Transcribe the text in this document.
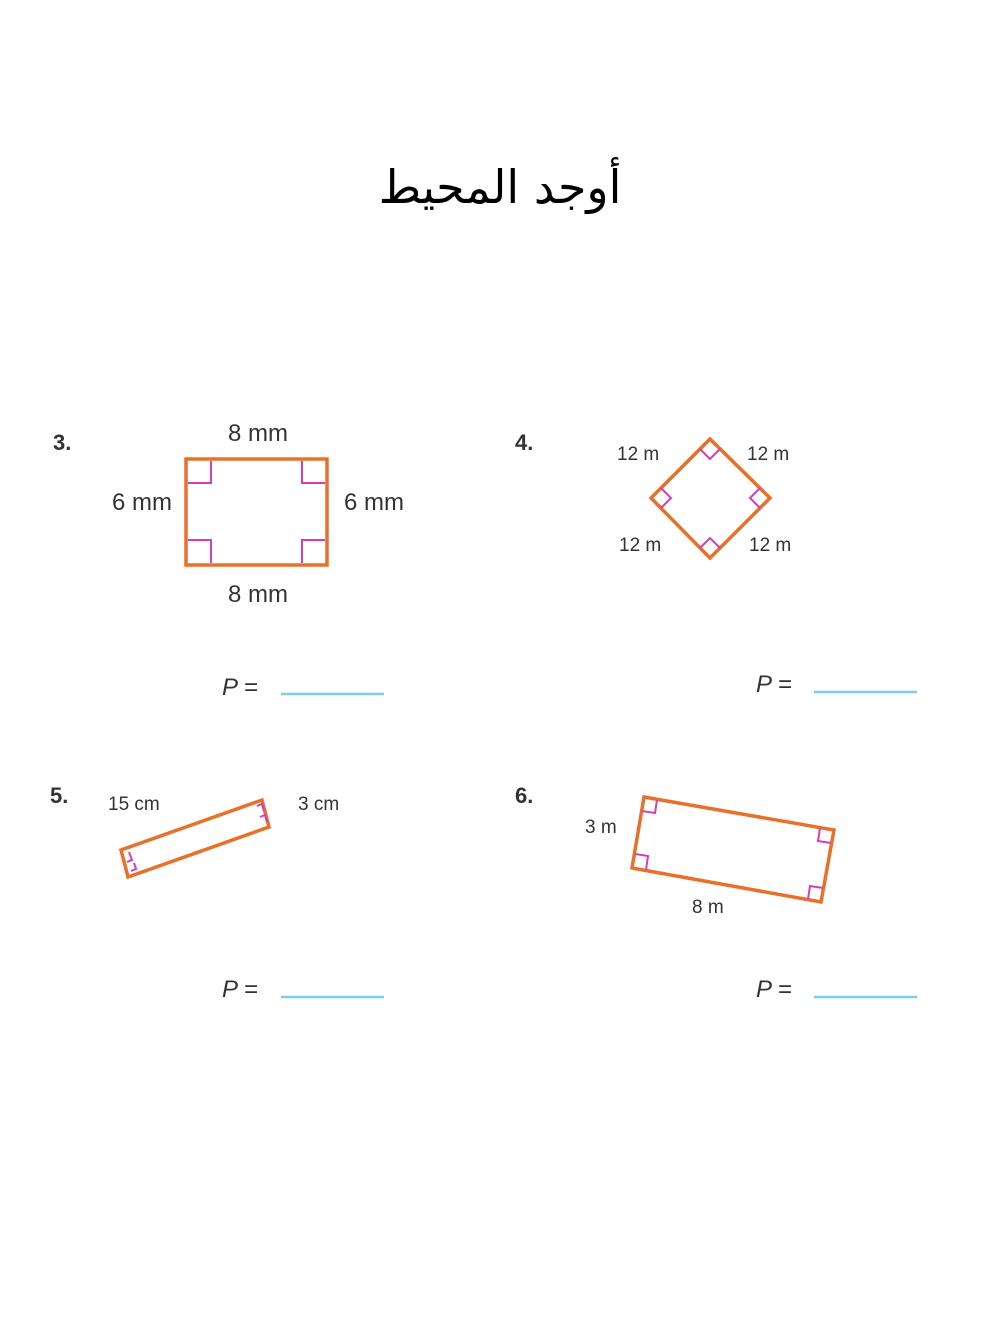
أوجد المحيط
3.	8 mm
8 mm
6 mm	6 mm
P =
4.	12 m	12 m
12 m	12 m
P =
5. 15 cm	3 cm
P =
6.
3 m
8 m
P =
